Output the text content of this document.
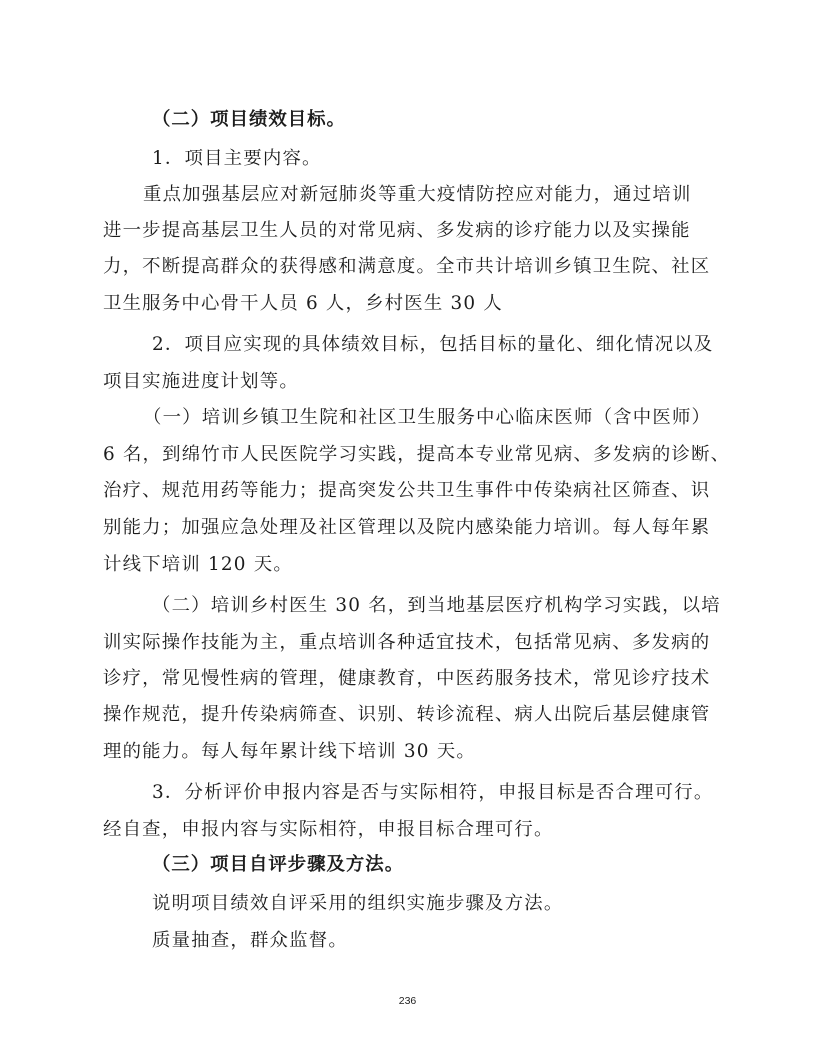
（二）项目绩效目标。
1．项目主要内容。
重点加强基层应对新冠肺炎等重大疫情防控应对能力，通过培训
进一步提高基层卫生人员的对常见病、多发病的诊疗能力以及实操能
力，不断提高群众的获得感和满意度。全市共计培训乡镇卫生院、社区
卫生服务中心骨干人员 6 人，乡村医生 30 人
2．项目应实现的具体绩效目标，包括目标的量化、细化情况以及
项目实施进度计划等。
（一）培训乡镇卫生院和社区卫生服务中心临床医师（含中医师）
6 名，到绵竹市人民医院学习实践，提高本专业常见病、多发病的诊断、
治疗、规范用药等能力；提高突发公共卫生事件中传染病社区筛查、识
别能力；加强应急处理及社区管理以及院内感染能力培训。每人每年累
计线下培训 120 天。
（二）培训乡村医生 30 名，到当地基层医疗机构学习实践，以培
训实际操作技能为主，重点培训各种适宜技术，包括常见病、多发病的
诊疗，常见慢性病的管理，健康教育，中医药服务技术，常见诊疗技术
操作规范，提升传染病筛查、识别、转诊流程、病人出院后基层健康管
理的能力。每人每年累计线下培训 30 天。
3．分析评价申报内容是否与实际相符，申报目标是否合理可行。
经自查，申报内容与实际相符，申报目标合理可行。
（三）项目自评步骤及方法。
说明项目绩效自评采用的组织实施步骤及方法。
质量抽查，群众监督。
236
